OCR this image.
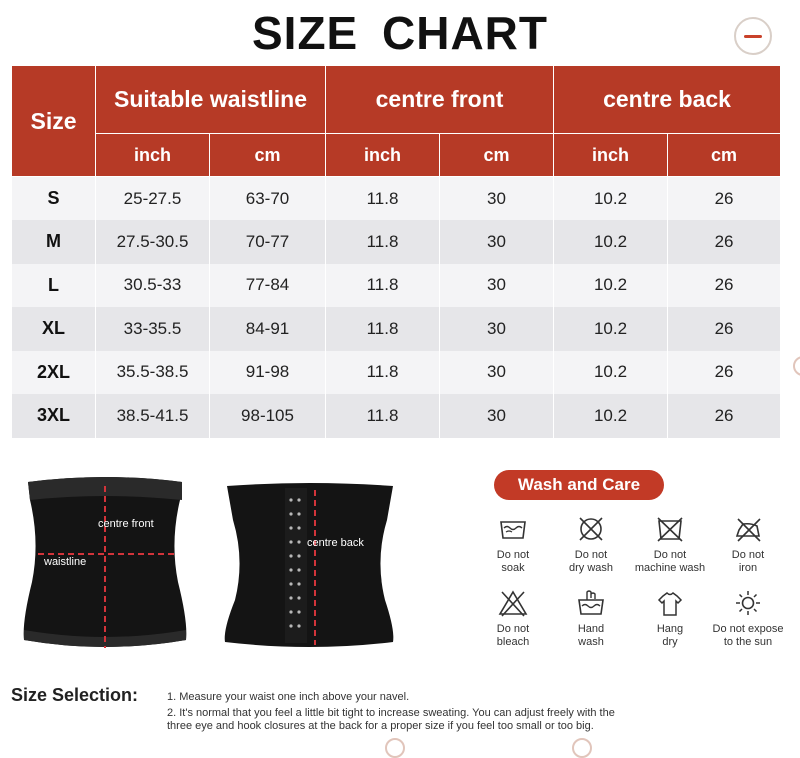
SIZE CHART
Size	Suitable waistline		centre front		centre back	
	inch	cm	inch	cm	inch	cm
S	25-27.5	63-70	11.8	30	10.2	26
M	27.5-30.5	70-77	11.8	30	10.2	26
L	30.5-33	77-84	11.8	30	10.2	26
XL	33-35.5	84-91	11.8	30	10.2	26
2XL	35.5-38.5	91-98	11.8	30	10.2	26
3XL	38.5-41.5	98-105	11.8	30	10.2	26
centre front
waistline
centre back
Wash and Care
Do not
soak
Do not
dry wash
Do not
machine wash
Do not
iron
Do not
bleach
Hand
wash
Hang
dry
Do not expose
to the sun
Size Selection:	1. Measure your waist one inch above your navel.
2. It's normal that you feel a little bit tight to increase sweating. You can adjust freely with the
three eye and hook closures at the back for a proper size if you feel too small or too big.
